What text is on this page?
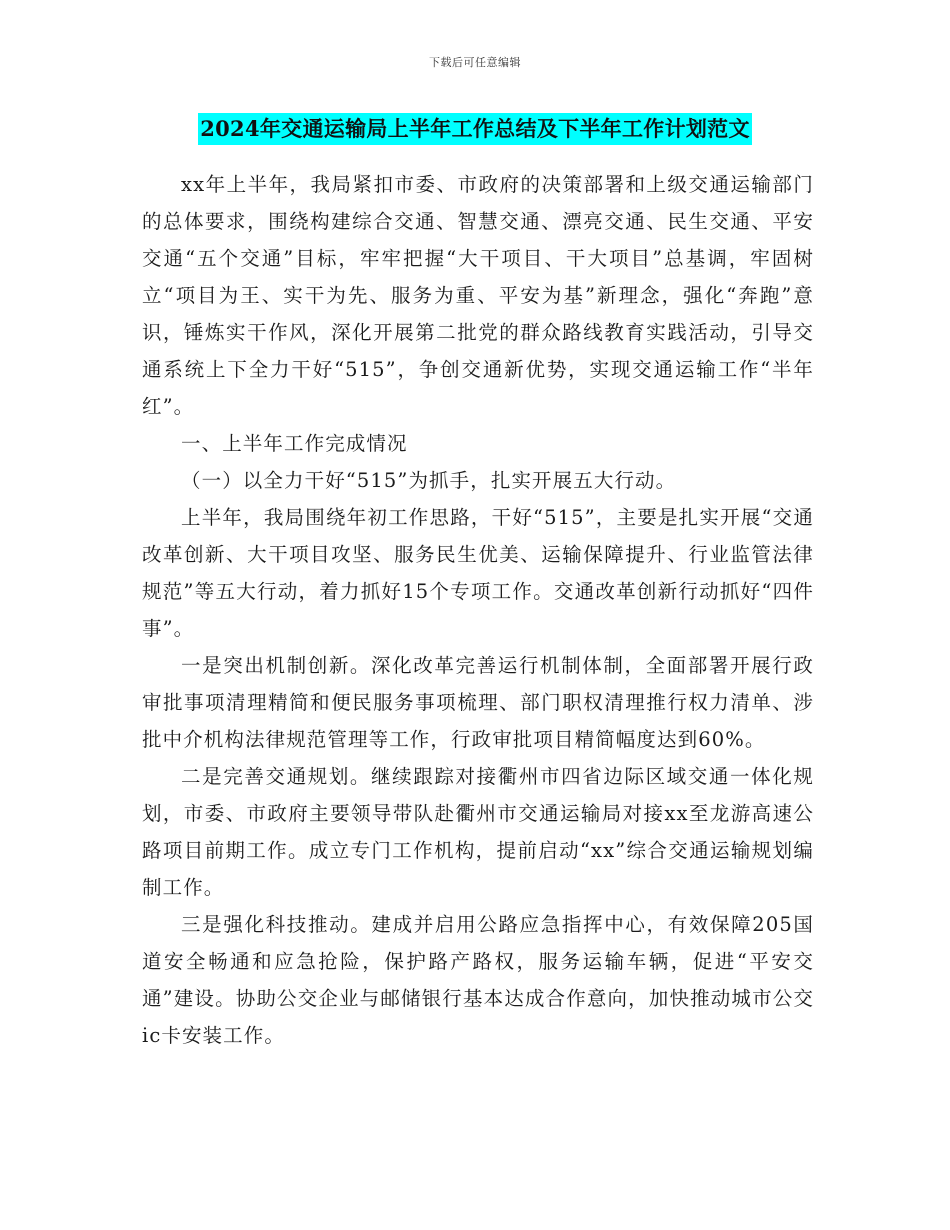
下载后可任意编辑
2024年交通运输局上半年工作总结及下半年工作计划范文

xx年上半年，我局紧扣市委、市政府的决策部署和上级交通运输部门的总体要求，围绕构建综合交通、智慧交通、漂亮交通、民生交通、平安交通“五个交通”目标，牢牢把握“大干项目、干大项目”总基调，牢固树立“项目为王、实干为先、服务为重、平安为基”新理念，强化“奔跑”意识，锤炼实干作风，深化开展第二批党的群众路线教育实践活动，引导交通系统上下全力干好“515”，争创交通新优势，实现交通运输工作“半年红”。

一、上半年工作完成情况

（一）以全力干好“515”为抓手，扎实开展五大行动。

上半年，我局围绕年初工作思路，干好“515”，主要是扎实开展“交通改革创新、大干项目攻坚、服务民生优美、运输保障提升、行业监管法律规范”等五大行动，着力抓好15个专项工作。交通改革创新行动抓好“四件事”。

一是突出机制创新。深化改革完善运行机制体制，全面部署开展行政审批事项清理精简和便民服务事项梳理、部门职权清理推行权力清单、涉批中介机构法律规范管理等工作，行政审批项目精简幅度达到60%。

二是完善交通规划。继续跟踪对接衢州市四省边际区域交通一体化规划，市委、市政府主要领导带队赴衢州市交通运输局对接xx至龙游高速公路项目前期工作。成立专门工作机构，提前启动“xx”综合交通运输规划编制工作。

三是强化科技推动。建成并启用公路应急指挥中心，有效保障205国道安全畅通和应急抢险，保护路产路权，服务运输车辆，促进“平安交通”建设。协助公交企业与邮储银行基本达成合作意向，加快推动城市公交ic卡安装工作。
